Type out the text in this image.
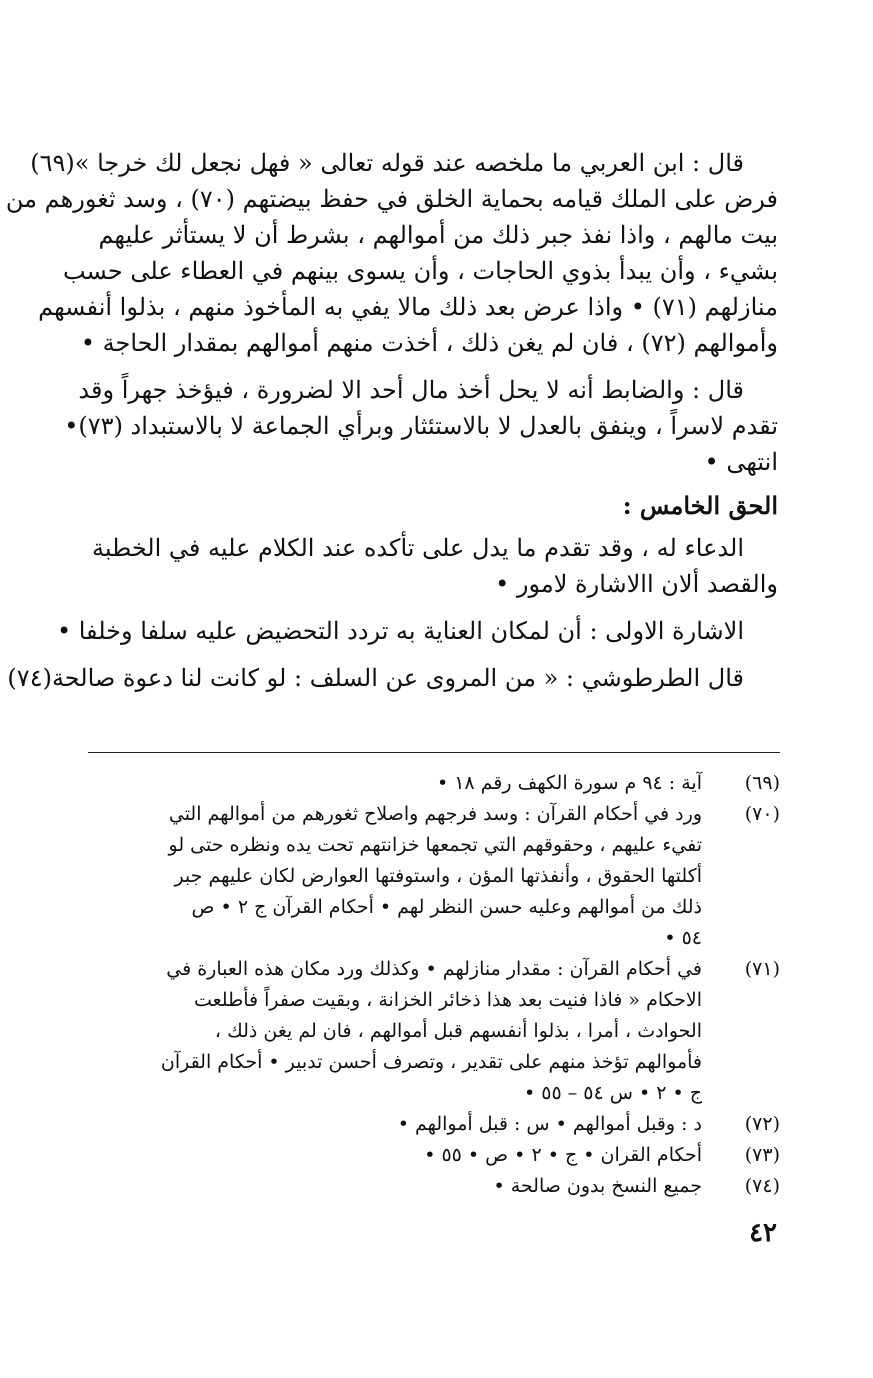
قال : ابن العربي ما ملخصه عند قوله تعالى « فهل نجعل لك خرجا »(٦٩)
فرض على الملك قيامه بحماية الخلق في حفظ بيضتهم (٧٠) ، وسد ثغورهم من
بيت مالهم ، واذا نفذ جبر ذلك من أموالهم ، بشرط أن لا يستأثر عليهم
بشيء ، وأن يبدأ بذوي الحاجات ، وأن يسوى بينهم في العطاء على حسب
منازلهم (٧١) • واذا عرض بعد ذلك مالا يفي به المأخوذ منهم ، بذلوا أنفسهم
وأموالهم (٧٢) ، فان لم يغن ذلك ، أخذت منهم أموالهم بمقدار الحاجة •
قال : والضابط أنه لا يحل أخذ مال أحد الا لضرورة ، فيؤخذ جهراً وقد
تقدم لاسراً ، وينفق بالعدل لا بالاستئثار وبرأي الجماعة لا بالاستبداد (٧٣)•
انتهى •
الحق الخامس :
الدعاء له ، وقد تقدم ما يدل على تأكده عند الكلام عليه في الخطبة
والقصد ألان االاشارة لامور •
الاشارة الاولى : أن لمكان العناية به تردد التحضيض عليه سلفا وخلفا •
قال الطرطوشي : « من المروى عن السلف : لو كانت لنا دعوة صالحة(٧٤)
(٦٩)
آية : ٩٤ م سورة الكهف رقم ١٨ •
(٧٠)
ورد في أحكام القرآن : وسد فرجهم واصلاح ثغورهم من أموالهم التي
تفيء عليهم ، وحقوقهم التي تجمعها خزانتهم تحت يده ونظره حتى لو
أكلتها الحقوق ، وأنفذتها المؤن ، واستوفتها العوارض لكان عليهم جبر
ذلك من أموالهم وعليه حسن النظر لهم • أحكام القرآن ج ٢ • ص
٥٤ •
(٧١)
في أحكام القرآن : مقدار منازلهم • وكذلك ورد مكان هذه العبارة في
الاحكام « فاذا فنيت بعد هذا ذخائر الخزانة ، وبقيت صفراً فأطلعت
الحوادث ، أمرا ، بذلوا أنفسهم قبل أموالهم ، فان لم يغن ذلك ،
فأموالهم تؤخذ منهم على تقدير ، وتصرف أحسن تدبير • أحكام القرآن
ج • ٢ • س ٥٤ – ٥٥ •
(٧٢)
د : وقبل أموالهم • س : قبل أموالهم •
(٧٣)
أحكام القران • ج • ٢ • ص • ٥٥ •
(٧٤)
جميع النسخ بدون صالحة •
٤٢
